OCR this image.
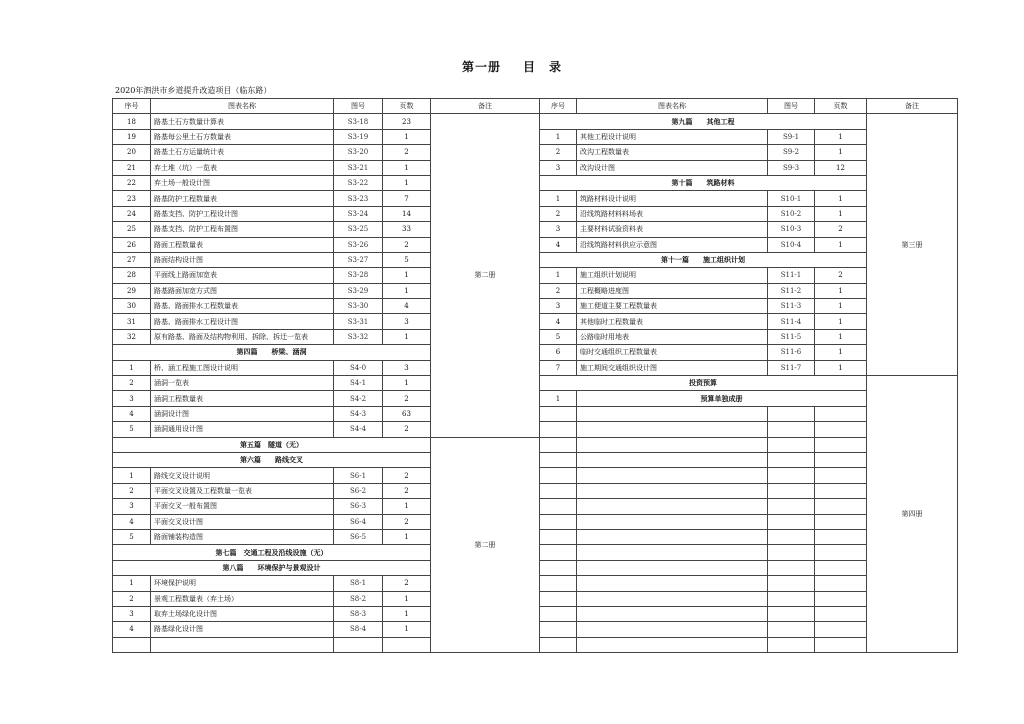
第一册 目　录
2020年泗洪市乡道提升改造项目（临东路）
序号	图表名称	图号	页数	备注	序号	图表名称	图号	页数	备注
18	路基土石方数量计算表	S3-18	23	第二册	第九篇　　其他工程				第三册
19	路基每公里土石方数量表	S3-19	1		1	其他工程设计说明	S9-1	1	
20	路基土石方运量统计表	S3-20	2		2	改沟工程数量表	S9-2	1	
21	弃土堆（坑）一览表	S3-21	1		3	改沟设计图	S9-3	12	
22	弃土场一般设计图	S3-22	1		第十篇　　筑路材料				
23	路基防护工程数量表	S3-23	7		1	筑路材料设计说明	S10-1	1	
24	路基支挡、防护工程设计图	S3-24	14		2	沿线筑路材料料场表	S10-2	1	
25	路基支挡、防护工程布置图	S3-25	33		3	主要材料试验资料表	S10-3	2	
26	路面工程数量表	S3-26	2		4	沿线筑路材料供应示意图	S10-4	1	
27	路面结构设计图	S3-27	5		第十一篇　　施工组织计划				
28	平面线上路面加宽表	S3-28	1		1	施工组织计划说明	S11-1	2	
29	路基路面加宽方式图	S3-29	1		2	工程概略进度图	S11-2	1	
30	路基、路面排水工程数量表	S3-30	4		3	施工便道主要工程数量表	S11-3	1	
31	路基、路面排水工程设计图	S3-31	3		4	其他临时工程数量表	S11-4	1	
32	原有路基、路面及结构物利用、拆除、拆迁一览表	S3-32	1		5	公路临时用地表	S11-5	1	
第四篇　　桥梁、涵洞					6	临时交通组织工程数量表	S11-6	1	
1	桥、涵工程施工图设计说明	S4-0	3		7	施工期间交通组织设计图	S11-7	1	
2	涵洞一览表	S4-1	1		投资预算				第四册
3	涵洞工程数量表	S4-2	2		1	预算单独成册			
4	涵洞设计图	S4-3	63						
5	涵洞通用设计图	S4-4	2						
第五篇　隧道（无）				第二册					
第六篇　　路线交叉									
1	路线交叉设计说明	S6-1	2						
2	平面交叉设置及工程数量一览表	S6-2	2						
3	平面交叉一般布置图	S6-3	1						
4	平面交叉设计图	S6-4	2						
5	路面铺装构造图	S6-5	1						
第七篇　交通工程及沿线设施（无）									
第八篇　　环境保护与景观设计									
1	环境保护说明	S8-1	2						
2	景观工程数量表（弃土场）	S8-2	1						
3	取弃土场绿化设计图	S8-3	1						
4	路基绿化设计图	S8-4	1						
